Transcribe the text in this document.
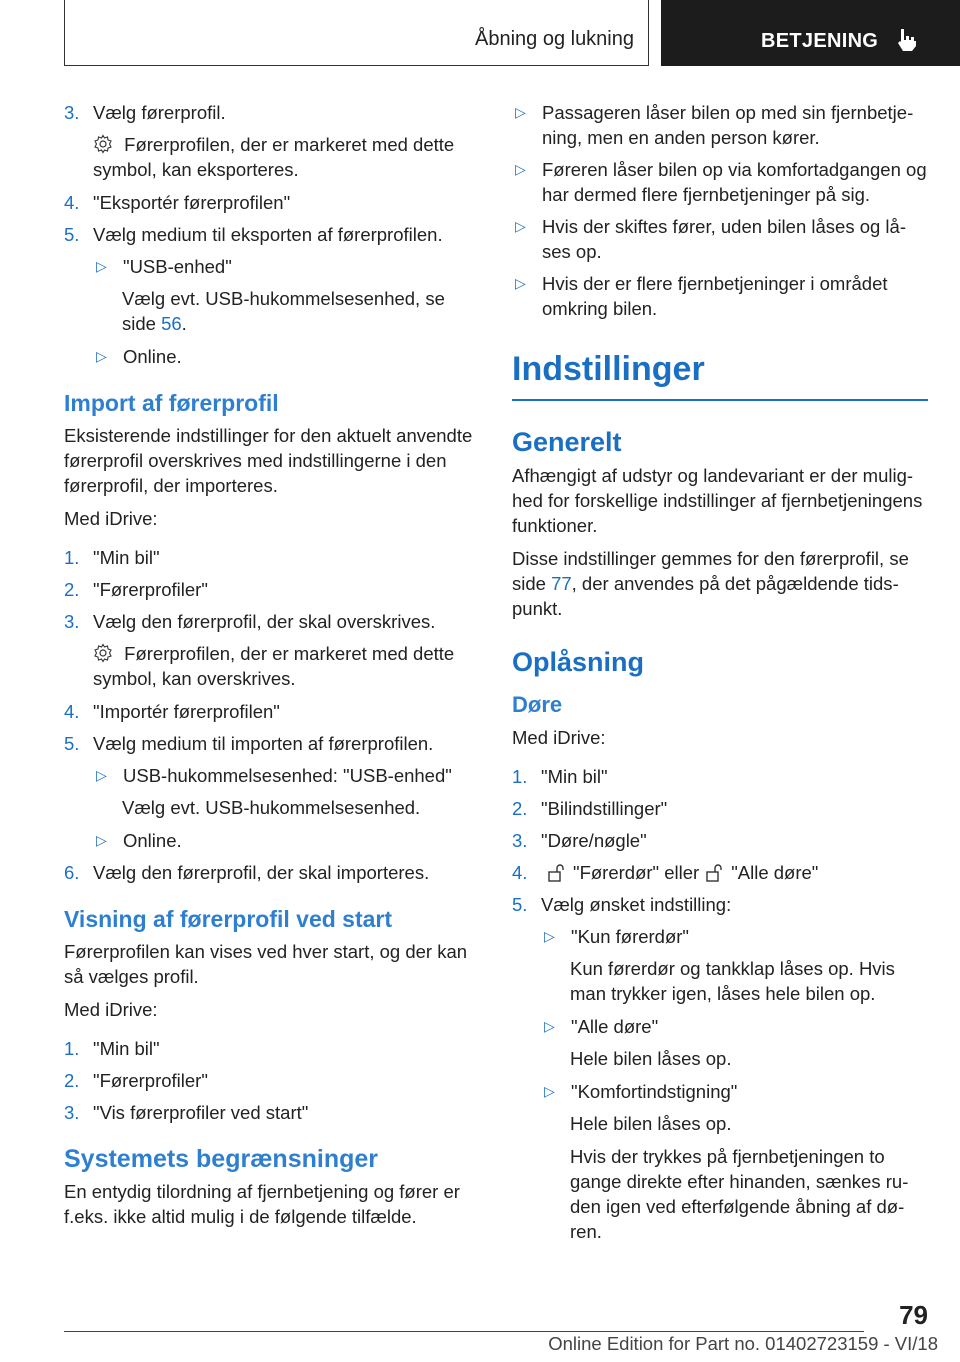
Åbning og lukning	BETJENING
3. Vælg førerprofil.

Førerprofilen, der er markeret med dette symbol, kan eksporteres.

4. "Eksportér førerprofilen"
5. Vælg medium til eksporten af førerprofilen.
▷ "USB-enhed"

Vælg evt. USB-hukommelsesenhed, se side 56.

▷ Online.
Import af førerprofil

Eksisterende indstillinger for den aktuelt anvendte førerprofil overskrives med indstillingerne i den førerprofil, der importeres.

Med iDrive:

1. "Min bil"
2. "Førerprofiler"
3. Vælg den førerprofil, der skal overskrives.

Førerprofilen, der er markeret med dette symbol, kan overskrives.

4. "Importér førerprofilen"
5. Vælg medium til importen af førerprofilen.
▷ USB-hukommelsesenhed: "USB-enhed"

Vælg evt. USB-hukommelsesenhed.

▷ Online.
6. Vælg den førerprofil, der skal importeres.
Visning af førerprofil ved start

Førerprofilen kan vises ved hver start, og der kan så vælges profil.

Med iDrive:

1. "Min bil"
2. "Førerprofiler"
3. "Vis førerprofiler ved start"
Systemets begrænsninger

En entydig tilordning af fjernbetjening og fører er f.eks. ikke altid mulig i de følgende tilfælde.

▷ Passageren låser bilen op med sin fjernbetjening, men en anden person kører.
▷ Føreren låser bilen op via komfortadgangen og har dermed flere fjernbetjeninger på sig.
▷ Hvis der skiftes fører, uden bilen låses og låses op.
▷ Hvis der er flere fjernbetjeninger i området omkring bilen.
Indstillinger
Generelt

Afhængigt af udstyr og landevariant er der mulighed for forskellige indstillinger af fjernbetjeningens funktioner.

Disse indstillinger gemmes for den førerprofil, se side 77, der anvendes på det pågældende tidspunkt.

Oplåsning
Døre

Med iDrive:

1. "Min bil"
2. "Bilindstillinger"
3. "Døre/nøgle"
4.	"Førerdør" eller "Alle døre"
5. Vælg ønsket indstilling:
▷ "Kun førerdør"

Kun førerdør og tankklap låses op. Hvis man trykker igen, låses hele bilen op.

▷ "Alle døre"

Hele bilen låses op.

▷ "Komfortindstigning"

Hele bilen låses op.

Hvis der trykkes på fjernbetjeningen to gange direkte efter hinanden, sænkes ruden igen ved efterfølgende åbning af døren.

79
Online Edition for Part no. 01402723159 - VI/18
